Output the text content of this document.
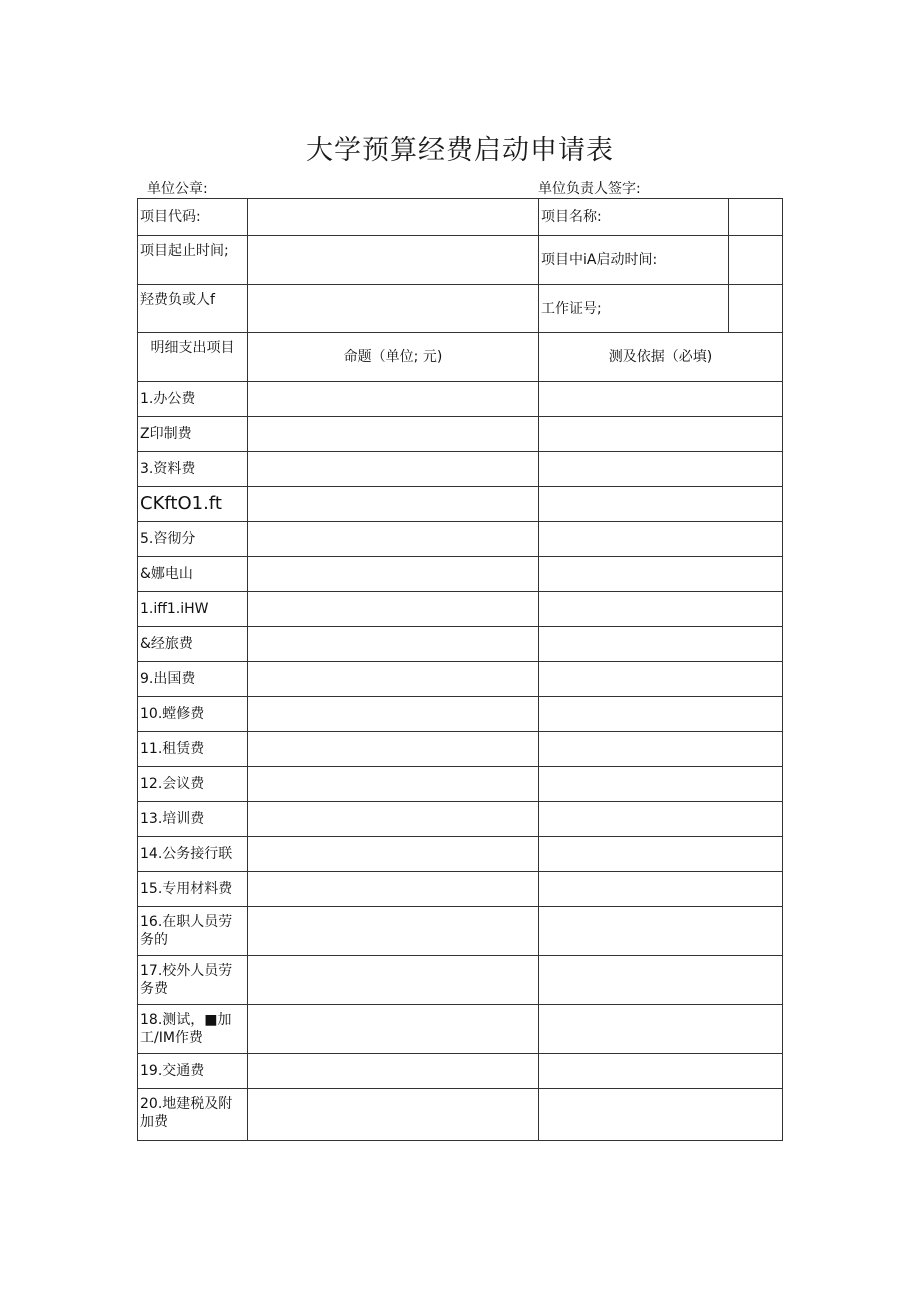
大学预算经费启动申请表
单位公章:	单位负责人签字:
项目代码:		项目名称:	
项目起止时间;		项目中iA启动时间:	
羟费负或人f		工作证号;	
明细支出项目	命题（单位; 元)	测及依据（必填)	
1.办公费			
Z印制费			
3.资料费			
CKftO1.ft			
5.咨彻分			
&娜电山			
1.iff1.iHW			
&经旅费			
9.出国费			
10.螳修费			
11.租赁费			
12.会议费			
13.培训费			
14.公务接行联			
15.专用材料费			
16.在职人员劳务的			
17.校外人员劳务费			
18.测试，■加工/IM作费			
19.交通费			
20.地建税及附加费			
